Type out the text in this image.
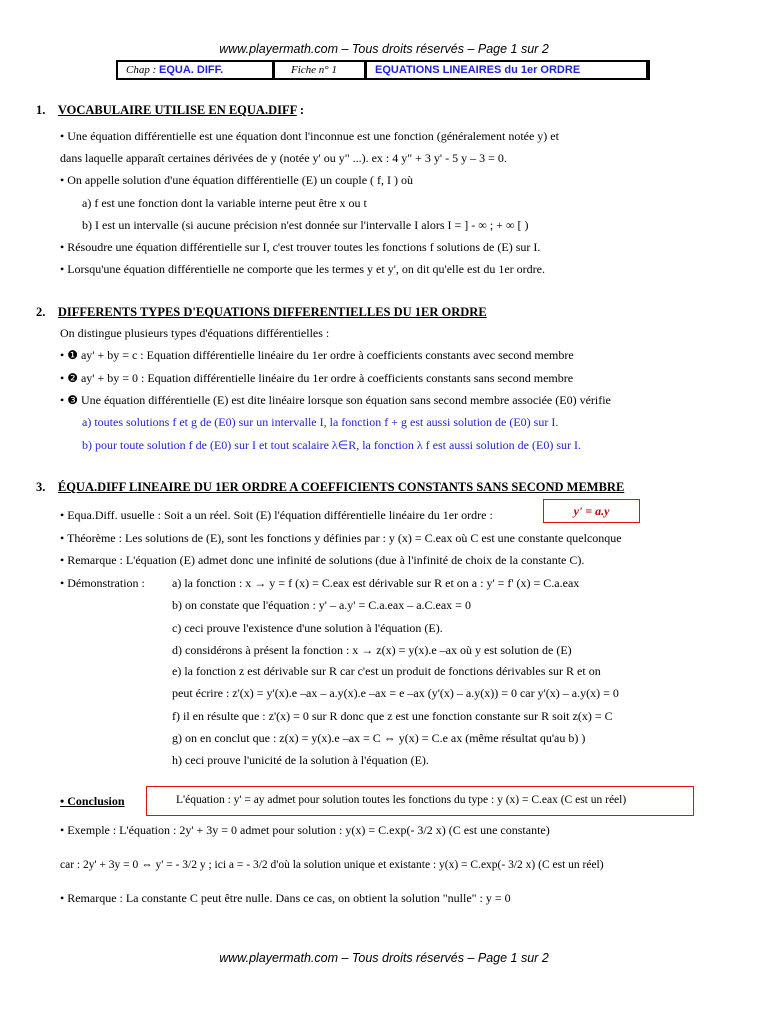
www.playermath.com – Tous droits réservés – Page 1 sur 2
Chap : EQUA. DIFF.	Fiche n° 1	EQUATIONS LINEAIRES du 1er ORDRE
1. VOCABULAIRE UTILISE EN EQUA.DIFF :
• Une équation différentielle est une équation dont l'inconnue est une fonction (généralement notée y) et
dans laquelle apparaît certaines dérivées de y (notée y' ou y" ...). ex : 4 y" + 3 y' - 5 y – 3 = 0.
• On appelle solution d'une équation différentielle (E) un couple ( f, I ) où
a) f est une fonction dont la variable interne peut être x ou t
b) I est un intervalle (si aucune précision n'est donnée sur l'intervalle I alors I = ] - ∞ ; + ∞ [ )
• Résoudre une équation différentielle sur I, c'est trouver toutes les fonctions f solutions de (E) sur I.
• Lorsqu'une équation différentielle ne comporte que les termes y et y', on dit qu'elle est du 1er ordre.
2. DIFFERENTS TYPES D'EQUATIONS DIFFERENTIELLES DU 1ER ORDRE
On distingue plusieurs types d'équations différentielles :
• ❶ ay' + by = c : Equation différentielle linéaire du 1er ordre à coefficients constants avec second membre
• ❷ ay' + by = 0 : Equation différentielle linéaire du 1er ordre à coefficients constants sans second membre
• ❸ Une équation différentielle (E) est dite linéaire lorsque son équation sans second membre associée (E0) vérifie
a) toutes solutions f et g de (E0) sur un intervalle I, la fonction f + g est aussi solution de (E0) sur I.
b) pour toute solution f de (E0) sur I et tout scalaire λ∈R, la fonction λ f est aussi solution de (E0) sur I.
3. ÉQUA.DIFF LINEAIRE DU 1ER ORDRE A COEFFICIENTS CONSTANTS SANS SECOND MEMBRE
y' = a.y
• Equa.Diff. usuelle : Soit a un réel. Soit (E) l'équation différentielle linéaire du 1er ordre :
• Théorème : Les solutions de (E), sont les fonctions y définies par : y (x) = C.eax où C est une constante quelconque
• Remarque : L'équation (E) admet donc une infinité de solutions (due à l'infinité de choix de la constante C).
• Démonstration : a) la fonction : x → y = f (x) = C.eax est dérivable sur R et on a : y' = f' (x) = C.a.eax
b) on constate que l'équation : y' – a.y' = C.a.eax – a.C.eax = 0
c) ceci prouve l'existence d'une solution à l'équation (E).
d) considérons à présent la fonction : x → z(x) = y(x).e –ax où y est solution de (E)
e) la fonction z est dérivable sur R car c'est un produit de fonctions dérivables sur R et on
peut écrire : z'(x) = y'(x).e –ax – a.y(x).e –ax = e –ax (y'(x) – a.y(x)) = 0 car y'(x) – a.y(x) = 0
f) il en résulte que : z'(x) = 0 sur R donc que z est une fonction constante sur R soit z(x) = C
g) on en conclut que : z(x) = y(x).e –ax = C ⇔ y(x) = C.e ax (même résultat qu'au b) )
h) ceci prouve l'unicité de la solution à l'équation (E).
• Conclusion	L'équation : y' = ay admet pour solution toutes les fonctions du type : y (x) = C.eax (C est un réel)
• Exemple : L'équation : 2y' + 3y = 0 admet pour solution : y(x) = C.exp(- 3/2 x) (C est une constante)
car : 2y' + 3y = 0 ⇔ y' = - 3/2 y ; ici a = - 3/2 d'où la solution unique et existante : y(x) = C.exp(- 3/2 x) (C est un réel)
• Remarque : La constante C peut être nulle. Dans ce cas, on obtient la solution "nulle" : y = 0
www.playermath.com – Tous droits réservés – Page 1 sur 2
